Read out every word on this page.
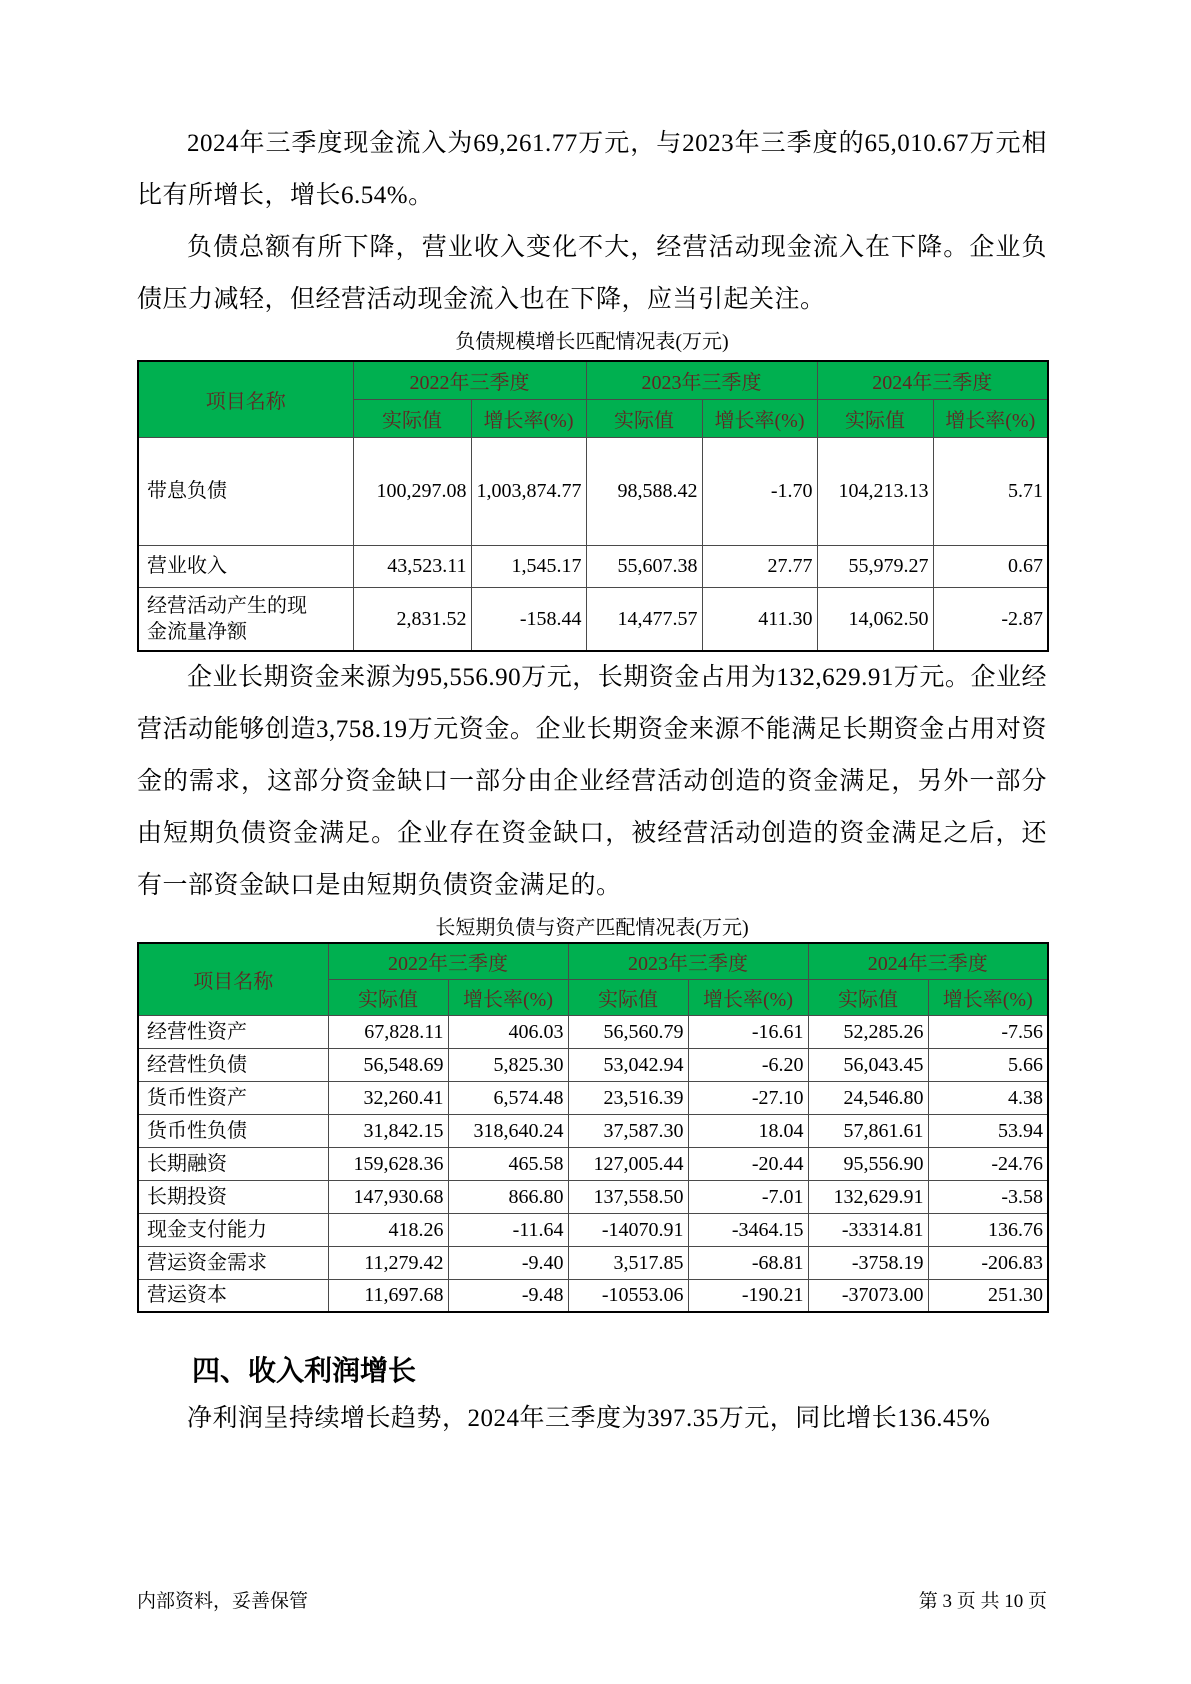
2024年三季度现金流入为69,261.77万元，与2023年三季度的65,010.67万元相比有所增长，增长6.54%。

负债总额有所下降，营业收入变化不大，经营活动现金流入在下降。企业负债压力减轻，但经营活动现金流入也在下降，应当引起关注。

负债规模增长匹配情况表(万元)
项目名称	2022年三季度		2023年三季度		2024年三季度	
	实际值	增长率(%)	实际值	增长率(%)	实际值	增长率(%)
带息负债	100,297.08	1,003,874.77	98,588.42	-1.70	104,213.13	5.71
营业收入	43,523.11	1,545.17	55,607.38	27.77	55,979.27	0.67
经营活动产生的现金流量净额	2,831.52	-158.44	14,477.57	411.30	14,062.50	-2.87

企业长期资金来源为95,556.90万元，长期资金占用为132,629.91万元。企业经营活动能够创造3,758.19万元资金。企业长期资金来源不能满足长期资金占用对资金的需求，这部分资金缺口一部分由企业经营活动创造的资金满足，另外一部分由短期负债资金满足。企业存在资金缺口，被经营活动创造的资金满足之后，还有一部资金缺口是由短期负债资金满足的。

长短期负债与资产匹配情况表(万元)
项目名称	2022年三季度		2023年三季度		2024年三季度	
	实际值	增长率(%)	实际值	增长率(%)	实际值	增长率(%)
经营性资产	67,828.11	406.03	56,560.79	-16.61	52,285.26	-7.56
经营性负债	56,548.69	5,825.30	53,042.94	-6.20	56,043.45	5.66
货币性资产	32,260.41	6,574.48	23,516.39	-27.10	24,546.80	4.38
货币性负债	31,842.15	318,640.24	37,587.30	18.04	57,861.61	53.94
长期融资	159,628.36	465.58	127,005.44	-20.44	95,556.90	-24.76
长期投资	147,930.68	866.80	137,558.50	-7.01	132,629.91	-3.58
现金支付能力	418.26	-11.64	-14070.91	-3464.15	-33314.81	136.76
营运资金需求	11,279.42	-9.40	3,517.85	-68.81	-3758.19	-206.83
营运资本	11,697.68	-9.48	-10553.06	-190.21	-37073.00	251.30
四、收入利润增长

净利润呈持续增长趋势，2024年三季度为397.35万元，同比增长136.45%

内部资料，妥善保管	第 3 页 共 10 页
